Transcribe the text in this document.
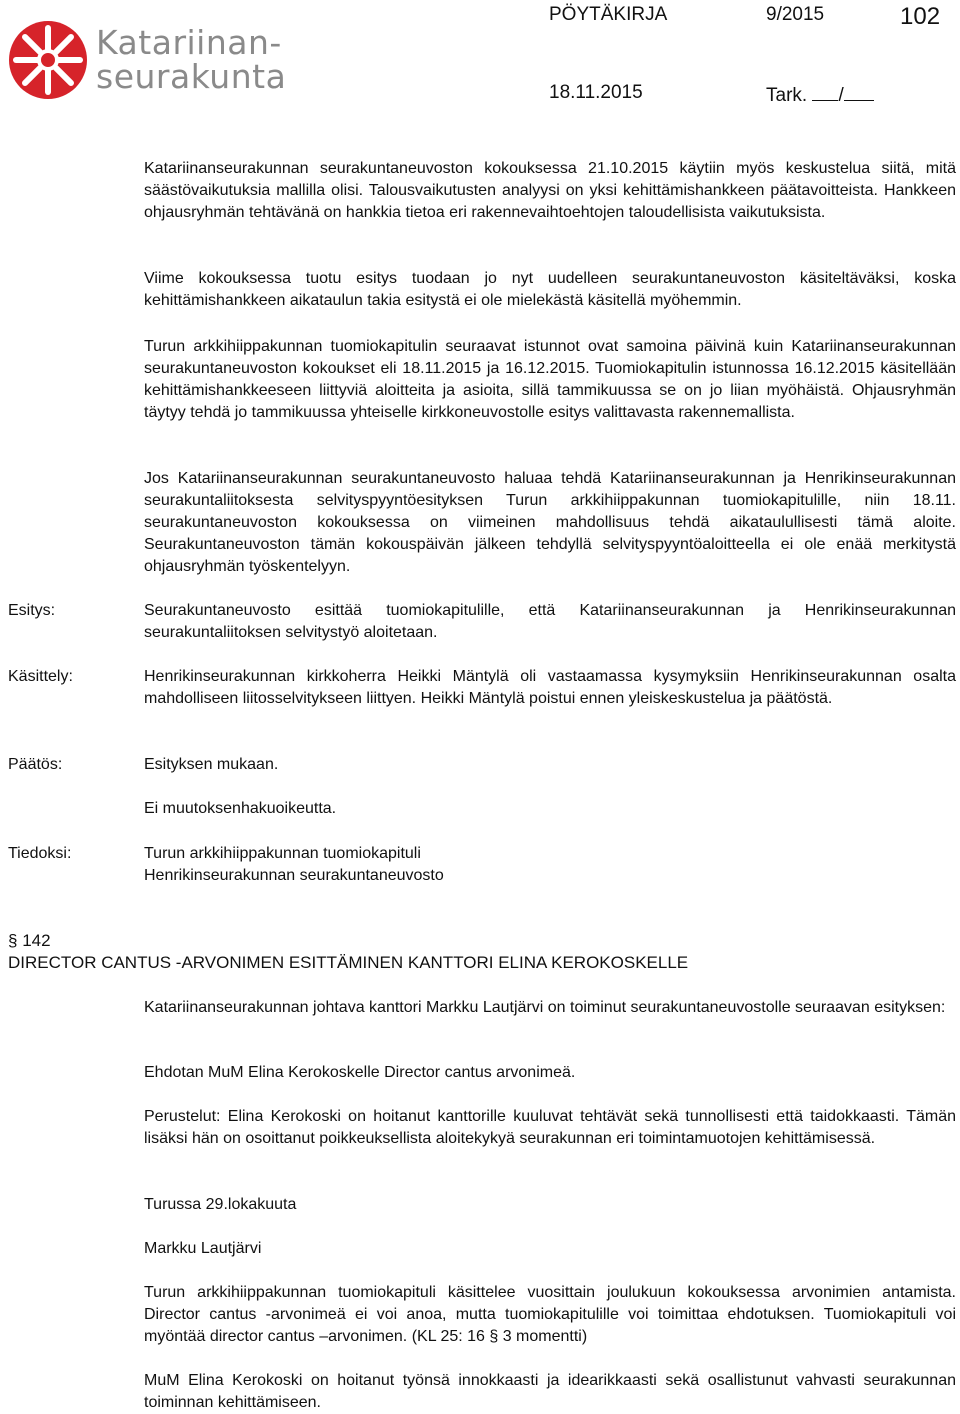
Katariinan-
seurakunta
PÖYTÄKIRJA	9/2015	102
18.11.2015	Tark. /

Katariinanseurakunnan seurakuntaneuvoston kokouksessa 21.10.2015 käytiin myös keskustelua siitä, mitä säästövaikutuksia mallilla olisi. Talousvaikutusten analyysi on yksi kehittämishankkeen päätavoitteista. Hankkeen ohjausryhmän tehtävänä on hankkia tietoa eri rakennevaihtoehtojen taloudellisista vaikutuksista.

Viime kokouksessa tuotu esitys tuodaan jo nyt uudelleen seurakuntaneuvoston käsiteltäväksi, koska kehittämishankkeen aikataulun takia esitystä ei ole mielekästä käsitellä myöhemmin.

Turun arkkihiippakunnan tuomiokapitulin seuraavat istunnot ovat samoina päivinä kuin Katariinanseurakunnan seurakuntaneuvoston kokoukset eli 18.11.2015 ja 16.12.2015. Tuomiokapitulin istunnossa 16.12.2015 käsitellään kehittämishankkeeseen liittyviä aloitteita ja asioita, sillä tammikuussa se on jo liian myöhäistä. Ohjausryhmän täytyy tehdä jo tammikuussa yhteiselle kirkkoneuvostolle esitys valittavasta rakennemallista.

Jos Katariinanseurakunnan seurakuntaneuvosto haluaa tehdä Katariinanseurakunnan ja Henrikinseurakunnan seurakuntaliitoksesta selvityspyyntöesityksen Turun arkkihiippakunnan tuomiokapitulille, niin 18.11. seurakuntaneuvoston kokouksessa on viimeinen mahdollisuus tehdä aikataulullisesti tämä aloite. Seurakuntaneuvoston tämän kokouspäivän jälkeen tehdyllä selvityspyyntöaloitteella ei ole enää merkitystä ohjausryhmän työskentelyyn.

Esitys:	Seurakuntaneuvosto esittää tuomiokapitulille, että Katariinanseurakunnan ja Henrikinseurakunnan seurakuntaliitoksen selvitystyö aloitetaan.

Käsittely:	Henrikinseurakunnan kirkkoherra Heikki Mäntylä oli vastaamassa kysymyksiin Henrikinseurakunnan osalta mahdolliseen liitosselvitykseen liittyen. Heikki Mäntylä poistui ennen yleiskeskustelua ja päätöstä.

Päätös:	Esityksen mukaan.

Ei muutoksenhakuoikeutta.

Tiedoksi:	Turun arkkihiippakunnan tuomiokapituli

Henrikinseurakunnan seurakuntaneuvosto

§ 142
DIRECTOR CANTUS -ARVONIMEN ESITTÄMINEN KANTTORI ELINA KEROKOSKELLE

Katariinanseurakunnan johtava kanttori Markku Lautjärvi on toiminut seurakuntaneuvostolle seuraavan esityksen:

Ehdotan MuM Elina Kerokoskelle Director cantus arvonimeä.

Perustelut: Elina Kerokoski on hoitanut kanttorille kuuluvat tehtävät sekä tunnollisesti että taidokkaasti. Tämän lisäksi hän on osoittanut poikkeuksellista aloitekykyä seurakunnan eri toimintamuotojen kehittämisessä.

Turussa 29.lokakuuta

Markku Lautjärvi

Turun arkkihiippakunnan tuomiokapituli käsittelee vuosittain joulukuun kokouksessa arvonimien antamista. Director cantus -arvonimeä ei voi anoa, mutta tuomiokapitulille voi toimittaa ehdotuksen. Tuomiokapituli voi myöntää director cantus –arvonimen. (KL 25: 16 § 3 momentti)

MuM Elina Kerokoski on hoitanut työnsä innokkaasti ja idearikkaasti sekä osallistunut vahvasti seurakunnan toiminnan kehittämiseen.
